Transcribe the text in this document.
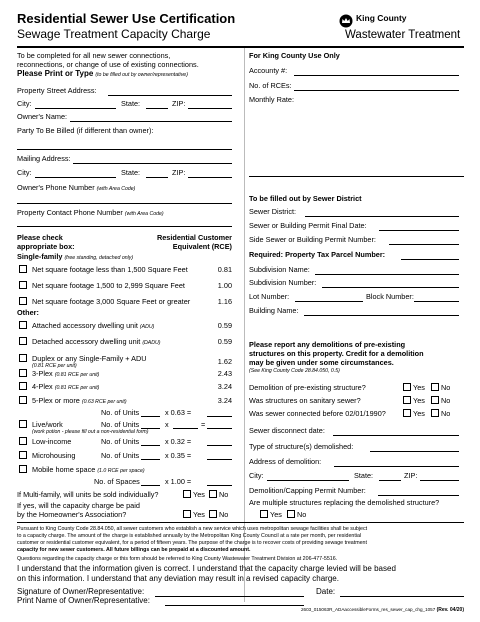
Residential Sewer Use Certification
Sewage Treatment Capacity Charge
King County
Wastewater Treatment
To be completed for all new sewer connections,
reconnections, or change of use of existing connections.
Please Print or Type (to be filled out by owner/representative)
Property Street Address:
City:	State:	ZIP:
Owner's Name:
Party To Be Billed (if different than owner):
Mailing Address:
City:	State:	ZIP:
Owner's Phone Number (with Area Code)
Property Contact Phone Number (with Area Code)
Please check
appropriate box:
Residential Customer
Equivalent (RCE)
Single-family (free standing, detached only)
Net square footage less than 1,500 Square Feet	0.81
Net square footage 1,500 to 2,999 Square Feet	1.00
Net square footage 3,000 Square Feet or greater	1.16
Other:
Attached accessory dwelling unit (ADU)	0.59
Detached accessory dwelling unit (DADU)	0.59
Duplex or any Single-Family + ADU
(0.81 RCE per unit)	1.62
3-Plex (0.81 RCE per unit)	2.43
4-Plex (0.81 RCE per unit)	3.24
5-Plex or more (0.63 RCE per unit)	3.24
No. of Units	x 0.63 =
Live/work	No. of Units	x	=
(work potion - please fill out a non-residential form)
Low-income	No. of Units	x 0.32 =
Microhousing	No. of Units	x 0.35 =
Mobile home space (1.0 RCE per space)
No. of Spaces	x 1.00 =
If Multi-family, will units be sold individually?	Yes No
If yes, will the capacity charge be paid
by the Homeowner's Association?	Yes No
For King County Use Only
Accounty #:
No. of RCEs:
Monthly Rate:
To be filled out by Sewer District
Sewer District:
Sewer or Building Permit Final Date:
Side Sewer or Building Permit Number:
Required: Property Tax Parcel Number:
Subdivision Name:
Subdivision Number:
Lot Number:	Block Number:
Building Name:
Please report any demolitions of pre-existing
structures on this property. Credit for a demolition
may be given under some circumstances.
(See King County Code 28.84.050, 0.5)
Demolition of pre-existing structure?	Yes No
Was structures on sanitary sewer?	Yes No
Was sewer connected before 02/01/1990?	Yes No
Sewer disconnect date:
Type of structure(s) demolished:
Address of demolition:
City:	State:	ZIP:
Demolition/Capping Permit Number:
Are multiple structures replacing the demolished structure?
Yes No
Pursuant to King County Code 28.84.050, all sewer customers who establish a new service which uses metropolitan sewage facilities shall be subject
to a capacity charge. The amount of the charge is established annually by the Metropolitan King County Council at a rate per month, per residential
customer or residential customer equivalent, for a period of fifteen years. The purpose of the charge is to recover costs of providing sewage treatment
capacity for new sewer customers. All future billings can be prepaid at a discounted amount.
Questions regarding the capacity charge or this form should be referred to King County Wastewater Treatment Division at 206-477-5516.
I understand that the information given is correct. I understand that the capacity charge levied will be based
on this information. I understand that any deviation may result in a revised capacity charge.
Signature of Owner/Representative:	Date:
Print Name of Owner/Representative:
2603_015063R_ADAaccessibleForms_res_sewer_cap_chg_1057 (Rev. 04/20)
